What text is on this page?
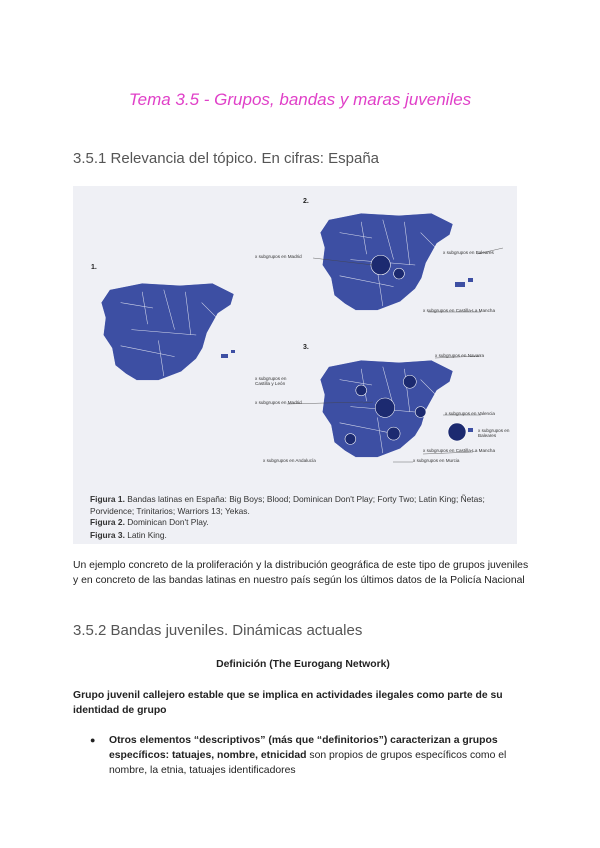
Tema 3.5 - Grupos, bandas y maras juveniles
3.5.1 Relevancia del tópico. En cifras: España
1.
2.
3.
x subgrupos en Madrid
x subgrupos en Baleares
x subgrupos en Castilla-La Mancha
x subgrupos en Navarra
x subgrupos en Castilla y León
x subgrupos en Madrid
x subgrupos en Valencia
x subgrupos en Baleares
x subgrupos en Castilla-La Mancha
x subgrupos en Andalucía	x subgrupos en Murcia
Figura 1. Bandas latinas en España: Big Boys; Blood; Dominican Don't Play; Forty Two; Latin King; Ñetas; Porvidence; Trinitarios; Warriors 13; Yekas.
Figura 2. Dominican Don't Play.
Figura 3. Latin King.
Un ejemplo concreto de la proliferación y la distribución geográfica de este tipo de grupos juveniles y en concreto de las bandas latinas en nuestro país según los últimos datos de la Policía Nacional
3.5.2 Bandas juveniles. Dinámicas actuales
Definición (The Eurogang Network)
Grupo juvenil callejero estable que se implica en actividades ilegales como parte de su identidad de grupo
● Otros elementos “descriptivos” (más que “definitorios”) caracterizan a grupos específicos: tatuajes, nombre, etnicidad son propios de grupos específicos como el nombre, la etnia, tatuajes identificadores
